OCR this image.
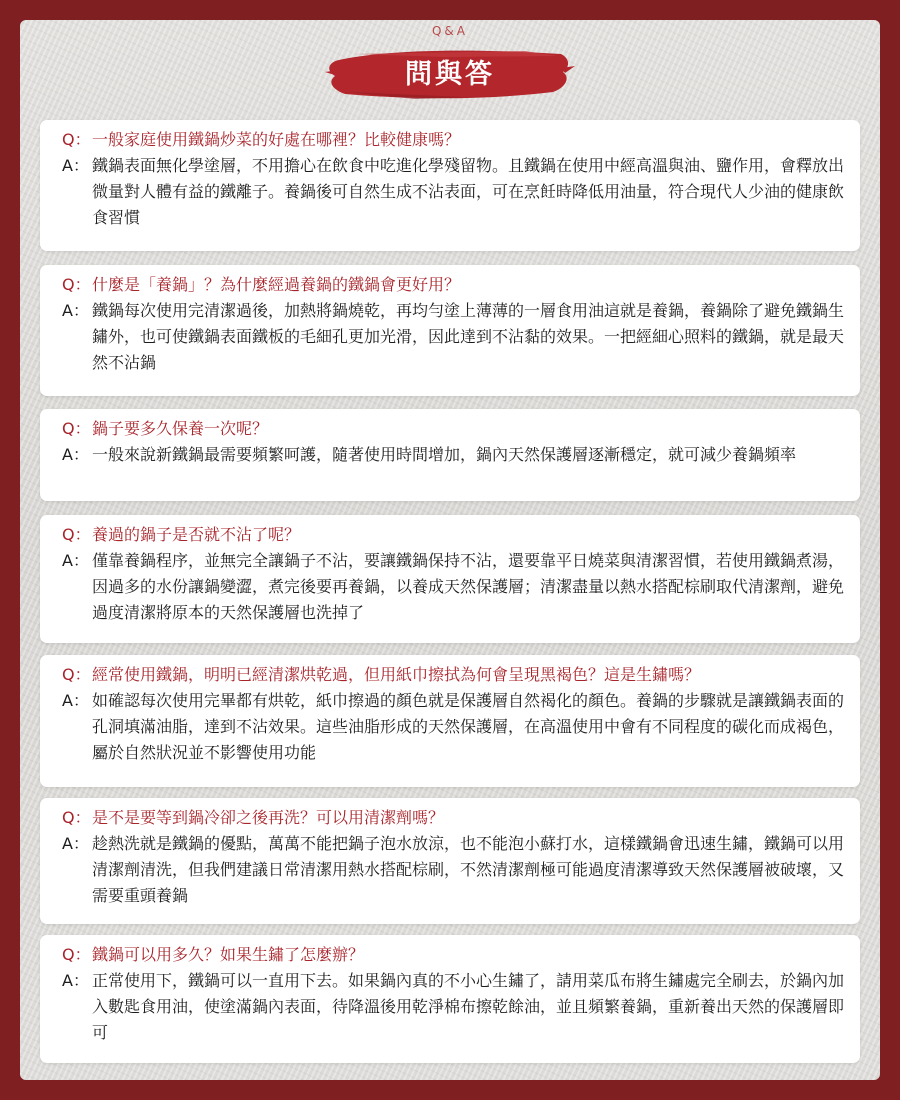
Q&A
問與答
Q： 一般家庭使用鐵鍋炒菜的好處在哪裡？比較健康嗎？
A： 鐵鍋表面無化學塗層，不用擔心在飲食中吃進化學殘留物。且鐵鍋在使用中經高溫與油、鹽作用，會釋放出微量對人體有益的鐵離子。養鍋後可自然生成不沾表面，可在烹飪時降低用油量，符合現代人少油的健康飲食習慣
Q： 什麼是「養鍋」？為什麼經過養鍋的鐵鍋會更好用？
A： 鐵鍋每次使用完清潔過後，加熱將鍋燒乾，再均勻塗上薄薄的一層食用油這就是養鍋，養鍋除了避免鐵鍋生鏽外，也可使鐵鍋表面鐵板的毛細孔更加光滑，因此達到不沾黏的效果。一把經細心照料的鐵鍋，就是最天然不沾鍋
Q： 鍋子要多久保養一次呢？
A： 一般來說新鐵鍋最需要頻繁呵護，隨著使用時間增加，鍋內天然保護層逐漸穩定，就可減少養鍋頻率
Q： 養過的鍋子是否就不沾了呢？
A： 僅靠養鍋程序，並無完全讓鍋子不沾，要讓鐵鍋保持不沾，還要靠平日燒菜與清潔習慣，若使用鐵鍋煮湯，因過多的水份讓鍋變澀，煮完後要再養鍋，以養成天然保護層；清潔盡量以熱水搭配棕刷取代清潔劑，避免過度清潔將原本的天然保護層也洗掉了
Q： 經常使用鐵鍋，明明已經清潔烘乾過，但用紙巾擦拭為何會呈現黑褐色？這是生鏽嗎？
A： 如確認每次使用完畢都有烘乾，紙巾擦過的顏色就是保護層自然褐化的顏色。養鍋的步驟就是讓鐵鍋表面的孔洞填滿油脂，達到不沾效果。這些油脂形成的天然保護層，在高溫使用中會有不同程度的碳化而成褐色，屬於自然狀況並不影響使用功能
Q： 是不是要等到鍋冷卻之後再洗？可以用清潔劑嗎？
A： 趁熱洗就是鐵鍋的優點，萬萬不能把鍋子泡水放涼，也不能泡小蘇打水，這樣鐵鍋會迅速生鏽，鐵鍋可以用清潔劑清洗，但我們建議日常清潔用熱水搭配棕刷，不然清潔劑極可能過度清潔導致天然保護層被破壞，又需要重頭養鍋
Q： 鐵鍋可以用多久？如果生鏽了怎麼辦？
A： 正常使用下，鐵鍋可以一直用下去。如果鍋內真的不小心生鏽了，請用菜瓜布將生鏽處完全刷去，於鍋內加入數匙食用油，使塗滿鍋內表面，待降溫後用乾淨棉布擦乾餘油，並且頻繁養鍋，重新養出天然的保護層即可
